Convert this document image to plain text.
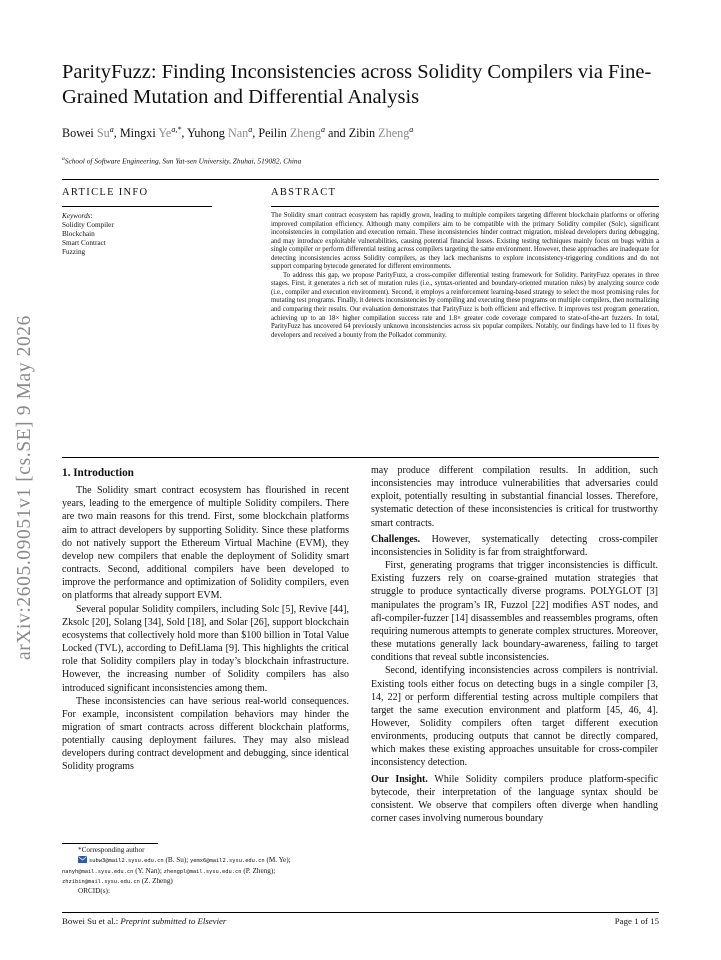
arXiv:2605.09051v1 [cs.SE] 9 May 2026
ParityFuzz: Finding Inconsistencies across Solidity Compilers via Fine-Grained Mutation and Differential Analysis
Bowei Su$^a$, Mingxi $Ye^{a,*}$, Yuhong Nan$^a$, Peilin Zheng$^a$ and Zibin Zheng$^a$
$^a$School of Software Engineering, Sun Yat-sen University, Zhuhai, 519082, China
ARTICLE INFO	ABSTRACT
Keywords:
Solidity Compiler
Blockchain
Smart Contract
Fuzzing

The Solidity smart contract ecosystem has rapidly grown, leading to multiple compilers targeting different blockchain platforms or offering improved compilation efficiency. Although many compilers aim to be compatible with the primary Solidity compiler (Solc), significant inconsistencies in compilation and execution remain. These inconsistencies hinder contract migration, mislead developers during debugging, and may introduce exploitable vulnerabilities, causing potential financial losses. Existing testing techniques mainly focus on bugs within a single compiler or perform differential testing across compilers targeting the same environment. However, these approaches are inadequate for detecting inconsistencies across Solidity compilers, as they lack mechanisms to explore inconsistency-triggering conditions and do not support comparing bytecode generated for different environments.

To address this gap, we propose ParityFuzz, a cross-compiler differential testing framework for Solidity. ParityFuzz operates in three stages. First, it generates a rich set of mutation rules (i.e., syntax-oriented and boundary-oriented mutation rules) by analyzing source code (i.e., compiler and execution environment). Second, it employs a reinforcement learning-based strategy to select the most promising rules for mutating test programs. Finally, it detects inconsistencies by compiling and executing these programs on multiple compilers, then normalizing and comparing their results. Our evaluation demonstrates that ParityFuzz is both efficient and effective. It improves test program generation, achieving up to an 18× higher compilation success rate and 1.8× greater code coverage compared to state-of-the-art fuzzers. In total, ParityFuzz has uncovered 64 previously unknown inconsistencies across six popular compilers. Notably, our findings have led to 11 fixes by developers and received a bounty from the Polkadot community.

1. Introduction

The Solidity smart contract ecosystem has flourished in recent years, leading to the emergence of multiple Solidity compilers. There are two main reasons for this trend. First, some blockchain platforms aim to attract developers by supporting Solidity. Since these platforms do not natively support the Ethereum Virtual Machine (EVM), they develop new compilers that enable the deployment of Solidity smart contracts. Second, additional compilers have been developed to improve the performance and optimization of Solidity compilers, even on platforms that already support EVM.

Several popular Solidity compilers, including Solc [5], Revive [44], Zksolc [20], Solang [34], Sold [18], and Solar [26], support blockchain ecosystems that collectively hold more than $100 billion in Total Value Locked (TVL), according to DefiLlama [9]. This highlights the critical role that Solidity compilers play in today’s blockchain infrastructure. However, the increasing number of Solidity compilers has also introduced significant inconsistencies among them.

These inconsistencies can have serious real-world consequences. For example, inconsistent compilation behaviors may hinder the migration of smart contracts across different blockchain platforms, potentially causing deployment failures. They may also mislead developers during contract development and debugging, since identical Solidity programs

may produce different compilation results. In addition, such inconsistencies may introduce vulnerabilities that adversaries could exploit, potentially resulting in substantial financial losses. Therefore, systematic detection of these inconsistencies is critical for trustworthy smart contracts.

Challenges. However, systematically detecting cross-compiler inconsistencies in Solidity is far from straightforward.

First, generating programs that trigger inconsistencies is difficult. Existing fuzzers rely on coarse-grained mutation strategies that struggle to produce syntactically diverse programs. POLYGLOT [3] manipulates the program’s IR, Fuzzol [22] modifies AST nodes, and afl-compiler-fuzzer [14] disassembles and reassembles programs, often requiring numerous attempts to generate complex structures. Moreover, these mutations generally lack boundary-awareness, failing to target conditions that reveal subtle inconsistencies.

Second, identifying inconsistencies across compilers is nontrivial. Existing tools either focus on detecting bugs in a single compiler [3, 14, 22] or perform differential testing across multiple compilers that target the same execution environment and platform [45, 46, 4]. However, Solidity compilers often target different execution environments, producing outputs that cannot be directly compared, which makes these existing approaches unsuitable for cross-compiler inconsistency detection.

Our Insight. While Solidity compilers produce platform-specific bytecode, their interpretation of the language syntax should be consistent. We observe that compilers often diverge when handling corner cases involving numerous boundary

*Corresponding author
subw3@mail2.sysu.edu.cn (B. Su); yemx6@mail2.sysu.edu.cn (M. Ye); nanyh@mail.sysu.edu.cn (Y. Nan); zhengpl@mail.sysu.edu.cn (P. Zheng); zhzibin@mail.sysu.edu.cn (Z. Zheng)
ORCID(s):
Bowei Su et al.: Preprint submitted to Elsevier	Page 1 of 15
